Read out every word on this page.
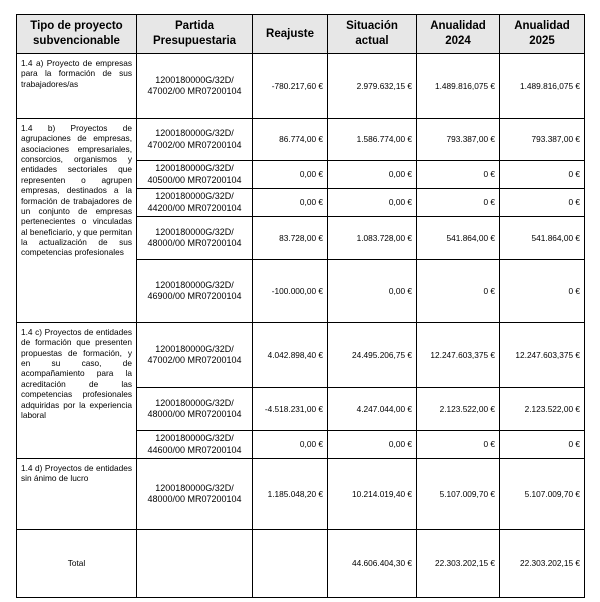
Tipo de proyecto subvencionable	Partida Presupuestaria	Reajuste	Situación actual	Anualidad 2024	Anualidad 2025
1.4 a) Proyecto de empresas para la formación de sus trabajadores/as	1200180000G/32D/ 47002/00 MR07200104	-780.217,60 €	2.979.632,15 €	1.489.816,075 €	1.489.816,075 €
1.4 b) Proyectos de agrupaciones de empresas, asociaciones empresariales, consorcios, organismos y entidades sectoriales que representen o agrupen empresas, destinados a la formación de trabajadores de un conjunto de empresas pertenecientes o vinculadas al beneficiario, y que permitan la actualización de sus competencias profesionales	1200180000G/32D/ 47002/00 MR07200104	86.774,00 €	1.586.774,00 €	793.387,00 €	793.387,00 €
	1200180000G/32D/ 40500/00 MR07200104	0,00 €	0,00 €	0 €	0 €
	1200180000G/32D/ 44200/00 MR07200104	0,00 €	0,00 €	0 €	0 €
	1200180000G/32D/ 48000/00 MR07200104	83.728,00 €	1.083.728,00 €	541.864,00 €	541.864,00 €
	1200180000G/32D/ 46900/00 MR07200104	-100.000,00 €	0,00 €	0 €	0 €
1.4 c) Proyectos de entidades de formación que presenten propuestas de formación, y en su caso, de acompañamiento para la acreditación de las competencias profesionales adquiridas por la experiencia laboral	1200180000G/32D/ 47002/00 MR07200104	4.042.898,40 €	24.495.206,75 €	12.247.603,375 €	12.247.603,375 €
	1200180000G/32D/ 48000/00 MR07200104	-4.518.231,00 €	4.247.044,00 €	2.123.522,00 €	2.123.522,00 €
	1200180000G/32D/ 44600/00 MR07200104	0,00 €	0,00 €	0 €	0 €
1.4 d) Proyectos de entidades sin ánimo de lucro	1200180000G/32D/ 48000/00 MR07200104	1.185.048,20 €	10.214.019,40 €	5.107.009,70 €	5.107.009,70 €
Total			44.606.404,30 €	22.303.202,15 €	22.303.202,15 €
